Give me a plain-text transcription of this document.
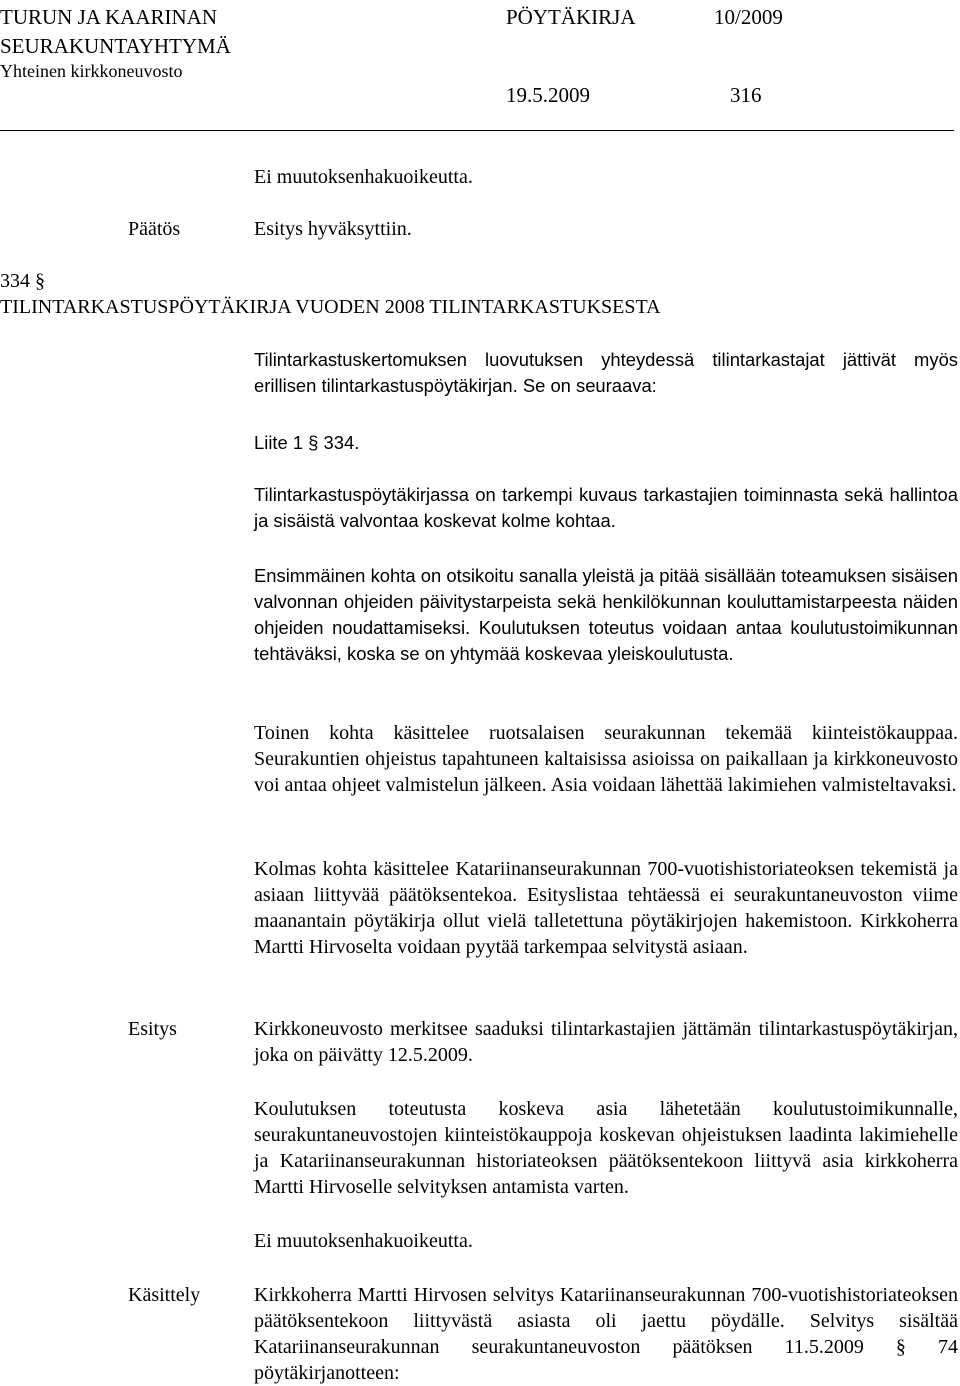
TURUN JA KAARINAN
SEURAKUNTAYHTYMÄ
Yhteinen kirkkoneuvosto
PÖYTÄKIRJA	10/2009
19.5.2009	316
Ei muutoksenhakuoikeutta.
Päätös	Esitys hyväksyttiin.
334 §
TILINTARKASTUSPÖYTÄKIRJA VUODEN 2008 TILINTARKASTUKSESTA

Tilintarkastuskertomuksen luovutuksen yhteydessä tilintarkastajat jättivät myös erillisen tilintarkastuspöytäkirjan. Se on seuraava:

Liite 1 § 334.

Tilintarkastuspöytäkirjassa on tarkempi kuvaus tarkastajien toiminnasta sekä hallintoa ja sisäistä valvontaa koskevat kolme kohtaa.

Ensimmäinen kohta on otsikoitu sanalla yleistä ja pitää sisällään toteamuksen sisäisen valvonnan ohjeiden päivitystarpeista sekä henkilökunnan kouluttamistarpeesta näiden ohjeiden noudattamiseksi. Koulutuksen toteutus voidaan antaa koulutustoimikunnan tehtäväksi, koska se on yhtymää koskevaa yleiskoulutusta.

Toinen kohta käsittelee ruotsalaisen seurakunnan tekemää kiinteistökauppaa. Seurakuntien ohjeistus tapahtuneen kaltaisissa asioissa on paikallaan ja kirkkoneuvosto voi antaa ohjeet valmistelun jälkeen. Asia voidaan lähettää lakimiehen valmisteltavaksi.

Kolmas kohta käsittelee Katariinanseurakunnan 700-vuotishistoriateoksen tekemistä ja asiaan liittyvää päätöksentekoa. Esityslistaa tehtäessä ei seurakuntaneuvoston viime maanantain pöytäkirja ollut vielä talletettuna pöytäkirjojen hakemistoon. Kirkkoherra Martti Hirvoselta voidaan pyytää tarkempaa selvitystä asiaan.

Esitys	Kirkkoneuvosto merkitsee saaduksi tilintarkastajien jättämän tilintarkastuspöytäkirjan, joka on päivätty 12.5.2009.

Koulutuksen toteutusta koskeva asia lähetetään koulutustoimikunnalle, seurakuntaneuvostojen kiinteistökauppoja koskevan ohjeistuksen laadinta lakimiehelle ja Katariinanseurakunnan historiateoksen päätöksentekoon liittyvä asia kirkkoherra Martti Hirvoselle selvityksen antamista varten.

Ei muutoksenhakuoikeutta.
Käsittely	Kirkkoherra Martti Hirvosen selvitys Katariinanseurakunnan 700-vuotishistoriateoksen päätöksentekoon liittyvästä asiasta oli jaettu pöydälle. Selvitys sisältää Katariinanseurakunnan seurakuntaneuvoston päätöksen 11.5.2009 § 74 pöytäkirjanotteen:
